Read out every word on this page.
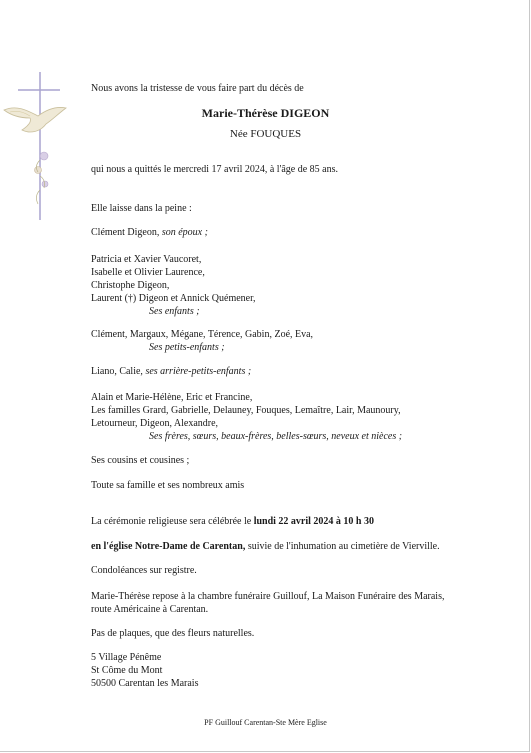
Nous avons la tristesse de vous faire part du décès de
Marie-Thérèse DIGEON
Née FOUQUES
qui nous a quittés le mercredi 17 avril 2024, à l'âge de 85 ans.
Elle laisse dans la peine :
Clément Digeon, son époux ;
Patricia et Xavier Vaucoret,
Isabelle et Olivier Laurence,
Christophe Digeon,
Laurent (†) Digeon et Annick Quémener,
Ses enfants ;
Clément, Margaux, Mégane, Térence, Gabin, Zoé, Eva,
Ses petits-enfants ;
Liano, Calie, ses arrière-petits-enfants ;
Alain et Marie-Hélène, Eric et Francine,
Les familles Grard, Gabrielle, Delauney, Fouques, Lemaître, Lair, Maunoury,
Letourneur, Digeon, Alexandre,
Ses frères, sœurs, beaux-frères, belles-sœurs, neveux et nièces ;
Ses cousins et cousines ;
Toute sa famille et ses nombreux amis
La cérémonie religieuse sera célébrée le lundi 22 avril 2024 à 10 h 30
en l'église Notre-Dame de Carentan, suivie de l'inhumation au cimetière de Vierville.
Condoléances sur registre.
Marie-Thérèse repose à la chambre funéraire Guillouf, La Maison Funéraire des Marais,
route Américaine à Carentan.
Pas de plaques, que des fleurs naturelles.
5 Village Pénême
St Côme du Mont
50500 Carentan les Marais
PF Guillouf Carentan-Ste Mère Eglise
